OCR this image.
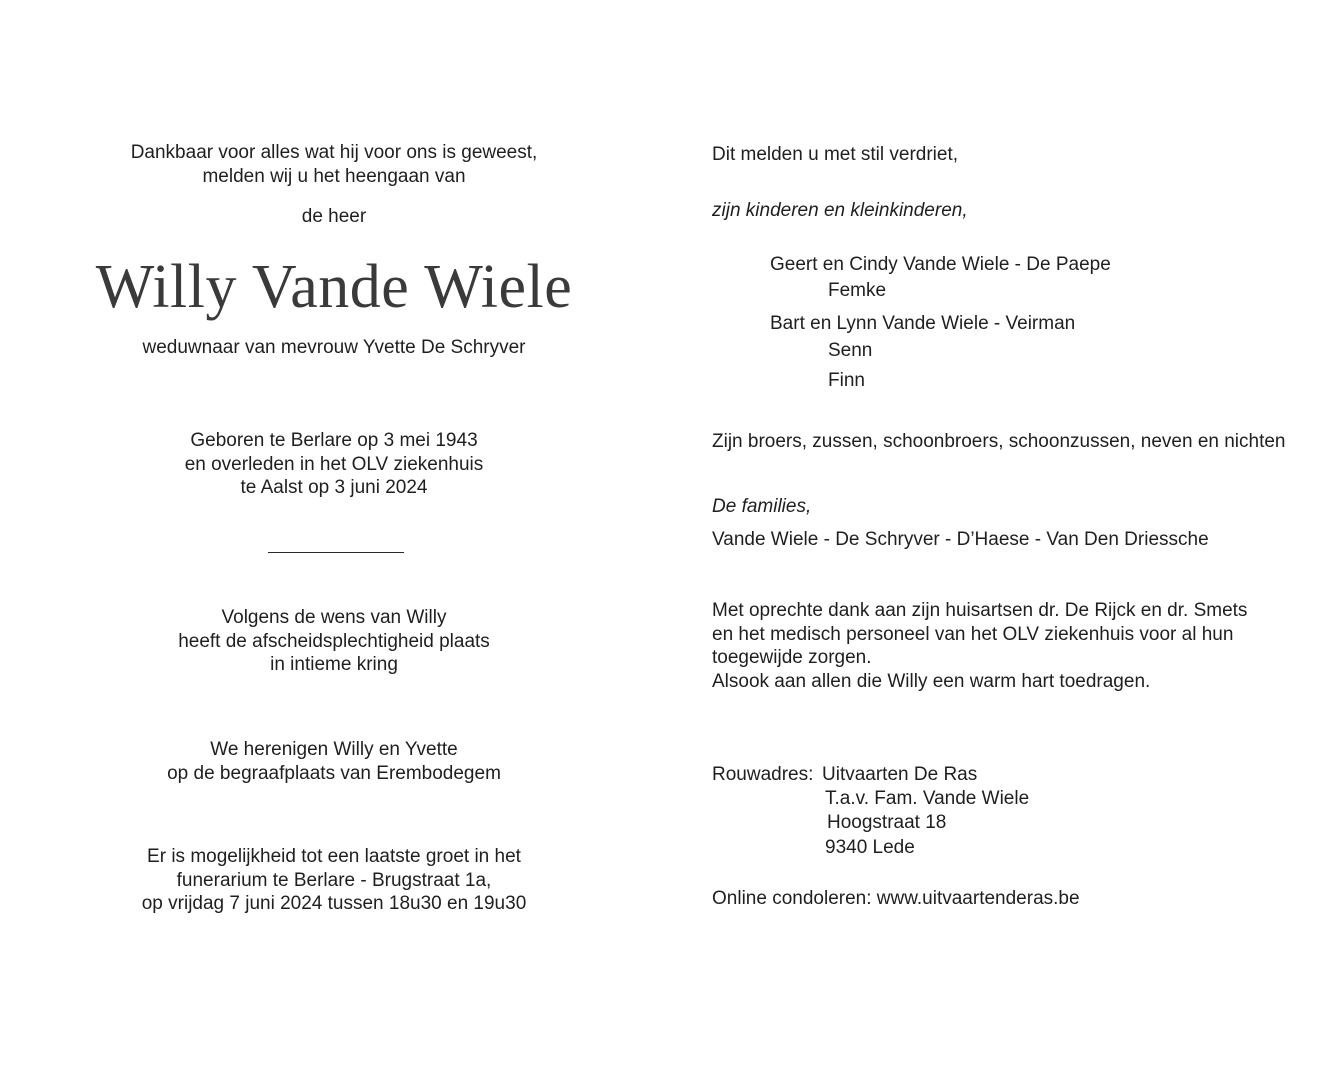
Dankbaar voor alles wat hij voor ons is geweest,
melden wij u het heengaan van
de heer
Willy Vande Wiele
weduwnaar van mevrouw Yvette De Schryver
Geboren te Berlare op 3 mei 1943
en overleden in het OLV ziekenhuis
te Aalst op 3 juni 2024
Volgens de wens van Willy
heeft de afscheidsplechtigheid plaats
in intieme kring
We herenigen Willy en Yvette
op de begraafplaats van Erembodegem
Er is mogelijkheid tot een laatste groet in het
funerarium te Berlare - Brugstraat 1a,
op vrijdag 7 juni 2024 tussen 18u30 en 19u30
Dit melden u met stil verdriet,
zijn kinderen en kleinkinderen,
Geert en Cindy Vande Wiele - De Paepe
Femke
Bart en Lynn Vande Wiele - Veirman
Senn
Finn
Zijn broers, zussen, schoonbroers, schoonzussen, neven en nichten
De families,
Vande Wiele - De Schryver - D’Haese - Van Den Driessche
Met oprechte dank aan zijn huisartsen dr. De Rijck en dr. Smets
en het medisch personeel van het OLV ziekenhuis voor al hun
toegewijde zorgen.
Alsook aan allen die Willy een warm hart toedragen.
Rouwadres: Uitvaarten De Ras
T.a.v. Fam. Vande Wiele
Hoogstraat 18
9340 Lede
Online condoleren: www.uitvaartenderas.be
